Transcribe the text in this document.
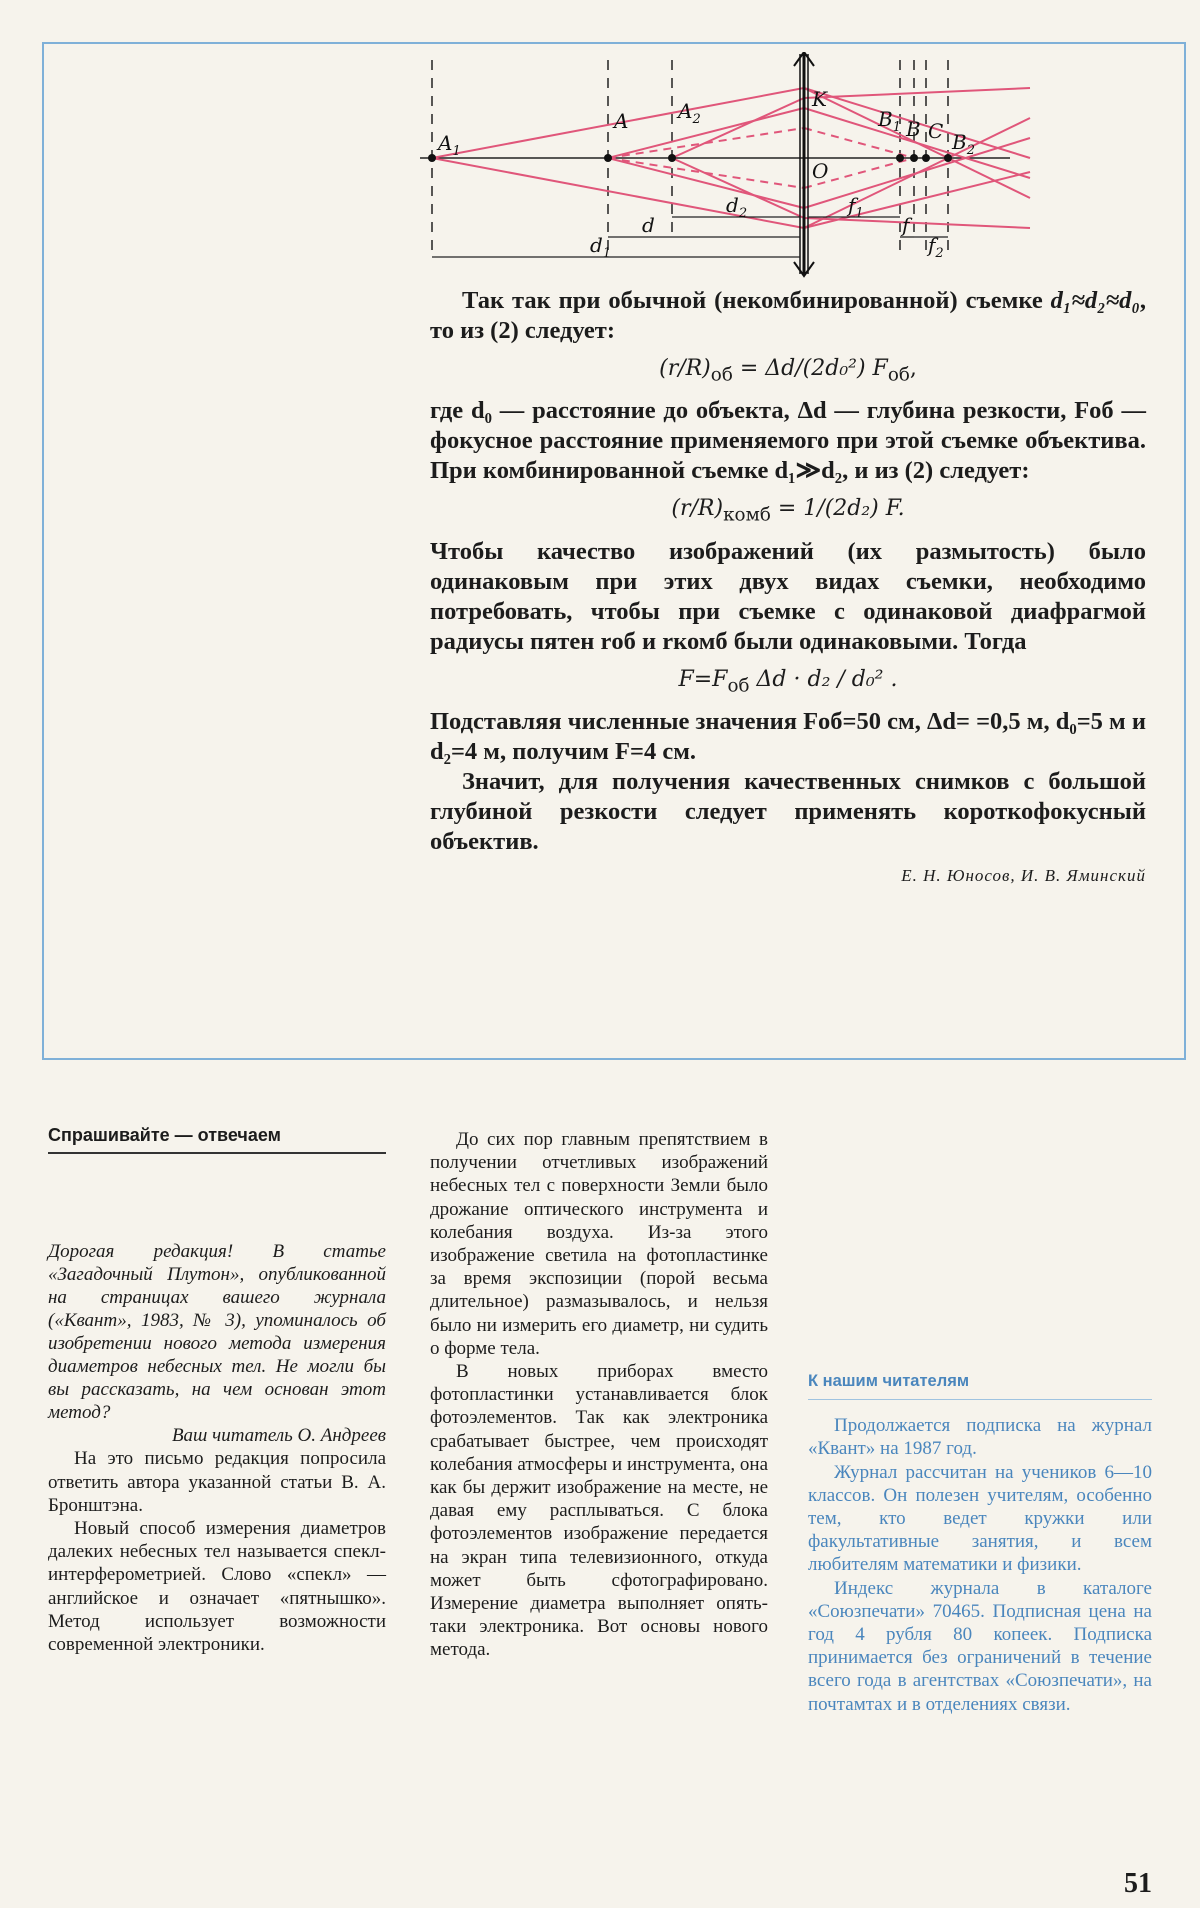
$A_1$
A $A_2$
K
O
$B_1$ B C $B_2$
$d_1$
d
$d_2$	$f_1$ f
$f_2$

Так так при обычной (некомбинированной) съемке d₁≈d₂≈d₀, то из (2) следует:

$(r/R)_{об} = \Delta d/(2d_0^2)$ $F_{об}$,

где d₀ — расстояние до объекта, Δd — глубина резкости, Fоб — фокусное расстояние применяемого при этой съемке объектива. При комбинированной съемке d₁≫d₂, и из (2) следует:

$(r/R)_{комб} = 1/(2d_2)$ F.

Чтобы качество изображений (их размытость) было одинаковым при этих двух видах съемки, необходимо потребовать, чтобы при съемке с одинаковой диафрагмой радиусы пятен rоб и rкомб были одинаковыми. Тогда

$F=F_{об}$ Δd · d₂ / d₀² .

Подставляя численные значения Fоб=50 см, Δd= =0,5 м, d₀=5 м и d₂=4 м, получим F=4 см.

Значит, для получения качественных снимков с большой глубиной резкости следует применять короткофокусный объектив.

Е. Н. Юносов, И. В. Яминский
Спрашивайте — отвечаем

Дорогая редакция! В статье «Загадочный Плутон», опубликованной на страницах вашего журнала («Квант», 1983, № 3), упоминалось об изобретении нового метода измерения диаметров небесных тел. Не могли бы вы рассказать, на чем основан этот метод?

Ваш читатель О. Андреев

На это письмо редакция попросила ответить автора указанной статьи В. А. Бронштэна.

Новый способ измерения диаметров далеких небесных тел называется спекл-интерферометрией. Слово «спекл» — английское и означает «пятнышко». Метод использует возможности современной электроники.

До сих пор главным препятствием в получении отчетливых изображений небесных тел с поверхности Земли было дрожание оптического инструмента и колебания воздуха. Из-за этого изображение светила на фотопластинке за время экспозиции (порой весьма длительное) размазывалось, и нельзя было ни измерить его диаметр, ни судить о форме тела.

В новых приборах вместо фотопластинки устанавливается блок фотоэлементов. Так как электроника срабатывает быстрее, чем происходят колебания атмосферы и инструмента, она как бы держит изображение на месте, не давая ему расплываться. С блока фотоэлементов изображение передается на экран типа телевизионного, откуда может быть сфотографировано. Измерение диаметра выполняет опять-таки электроника. Вот основы нового метода.

К нашим читателям

Продолжается подписка на журнал «Квант» на 1987 год.

Журнал рассчитан на учеников 6—10 классов. Он полезен учителям, особенно тем, кто ведет кружки или факультативные занятия, и всем любителям математики и физики.

Индекс журнала в каталоге «Союзпечати» 70465. Подписная цена на год 4 рубля 80 копеек. Подписка принимается без ограничений в течение всего года в агентствах «Союзпечати», на почтамтах и в отделениях связи.

51
